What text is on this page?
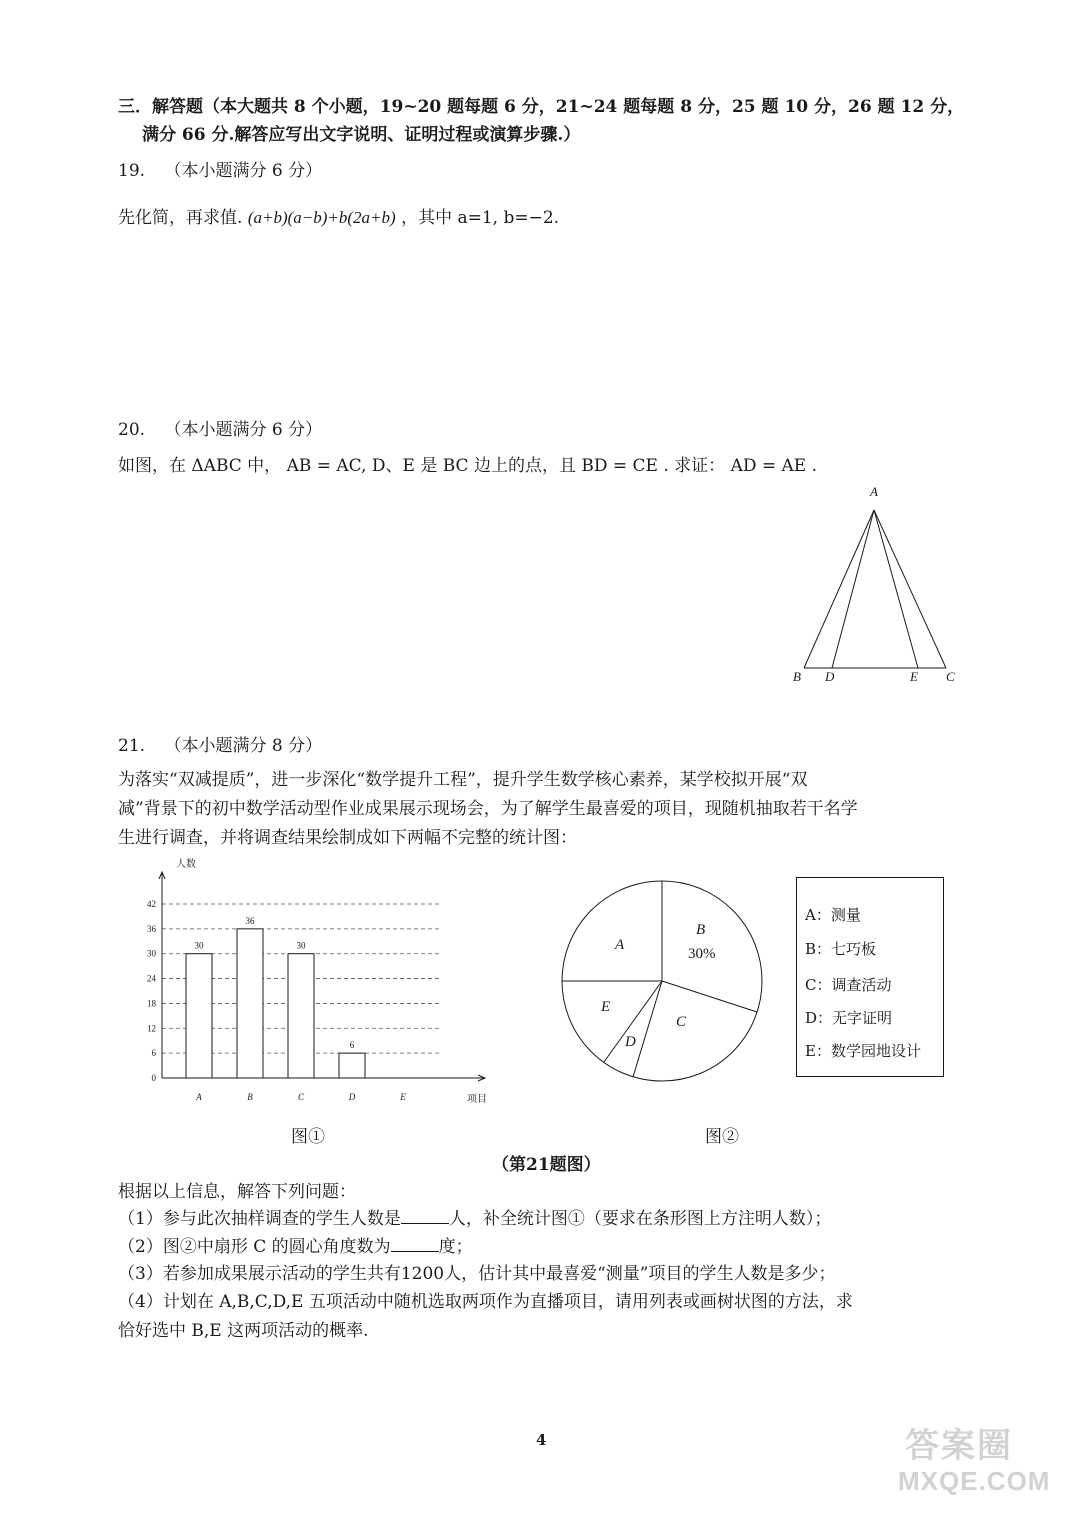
三．解答题（本大题共 8 个小题，19~20 题每题 6 分，21~24 题每题 8 分，25 题 10 分，26 题 12 分，
满分 66 分.解答应写出文字说明、证明过程或演算步骤.）
19. （本小题满分 6 分）
先化简，再求值. (a+b)(a−b)+b(2a+b) ，其中 a=1, b=−2.
20. （本小题满分 6 分）
如图，在 ΔABC 中， AB = AC, D、E 是 BC 边上的点，且 BD = CE . 求证： AD = AE .
A
B D	E C
21. （本小题满分 8 分）
为落实“双减提质”，进一步深化“数学提升工程”，提升学生数学核心素养，某学校拟开展“双
减”背景下的初中数学活动型作业成果展示现场会，为了解学生最喜爱的项目，现随机抽取若干名学
生进行调查，并将调查结果绘制成如下两幅不完整的统计图：
0
6
12
18
24
30
36
42
人数
项目
30
A
36
B
30
C
6
D	E
A
B
C
D
E
30%
A：测量
B：七巧板
C：调查活动
D：无字证明
E：数学园地设计
图①	图②
（第21题图）
根据以上信息，解答下列问题：
（1）参与此次抽样调查的学生人数是	人，补全统计图①（要求在条形图上方注明人数）；
（2）图②中扇形 C 的圆心角度数为	度；
（3）若参加成果展示活动的学生共有1200人，估计其中最喜爱“测量”项目的学生人数是多少；
（4）计划在 A,B,C,D,E 五项活动中随机选取两项作为直播项目，请用列表或画树状图的方法，求
恰好选中 B,E 这两项活动的概率.
4	答案圈
MXQE.COM
